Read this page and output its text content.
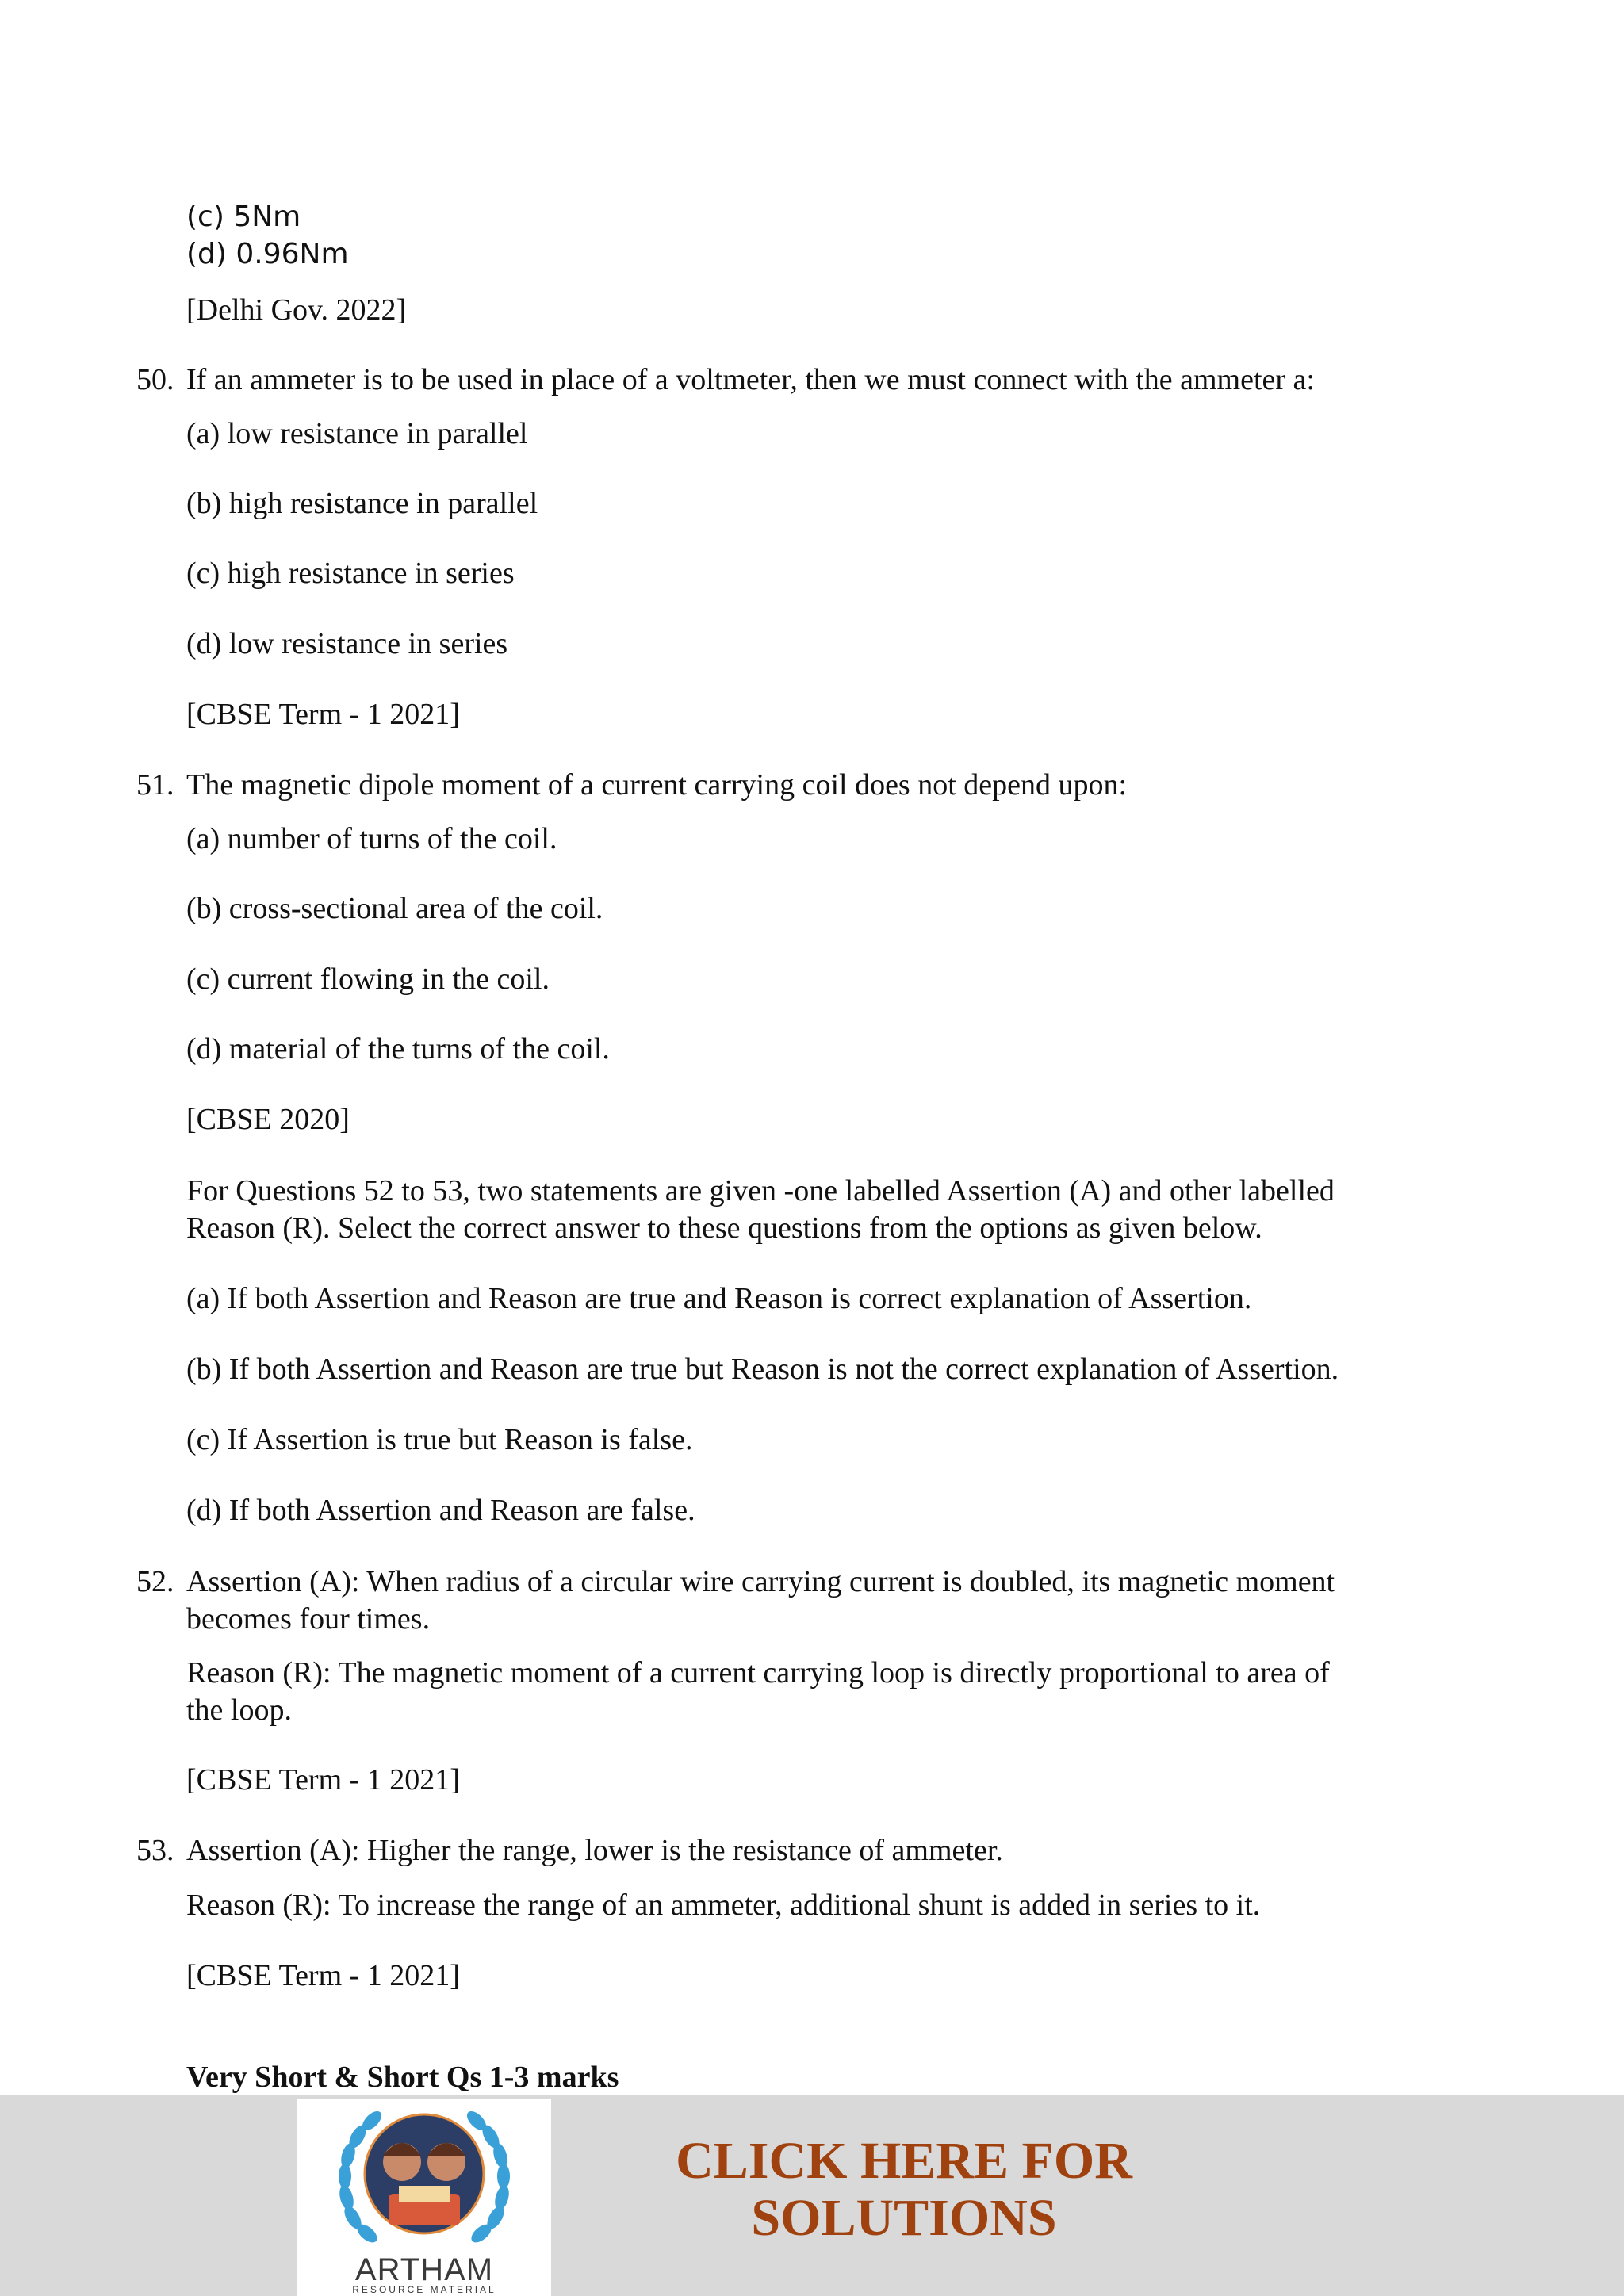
(c) 5Nm
(d) 0.96Nm
[Delhi Gov. 2022]
50. If an ammeter is to be used in place of a voltmeter, then we must connect with the ammeter a:
(a) low resistance in parallel
(b) high resistance in parallel
(c) high resistance in series
(d) low resistance in series
[CBSE Term - 1 2021]
51. The magnetic dipole moment of a current carrying coil does not depend upon:
(a) number of turns of the coil.
(b) cross-sectional area of the coil.
(c) current flowing in the coil.
(d) material of the turns of the coil.
[CBSE 2020]
For Questions 52 to 53, two statements are given -one labelled Assertion (A) and other labelled
Reason (R). Select the correct answer to these questions from the options as given below.
(a) If both Assertion and Reason are true and Reason is correct explanation of Assertion.
(b) If both Assertion and Reason are true but Reason is not the correct explanation of Assertion.
(c) If Assertion is true but Reason is false.
(d) If both Assertion and Reason are false.
52. Assertion (A): When radius of a circular wire carrying current is doubled, its magnetic moment
becomes four times.
Reason (R): The magnetic moment of a current carrying loop is directly proportional to area of
the loop.
[CBSE Term - 1 2021]
53. Assertion (A): Higher the range, lower is the resistance of ammeter.
Reason (R): To increase the range of an ammeter, additional shunt is added in series to it.
[CBSE Term - 1 2021]
Very Short & Short Qs 1-3 marks
ARTHAM
RESOURCE MATERIAL
CLICK HERE FOR
SOLUTIONS
